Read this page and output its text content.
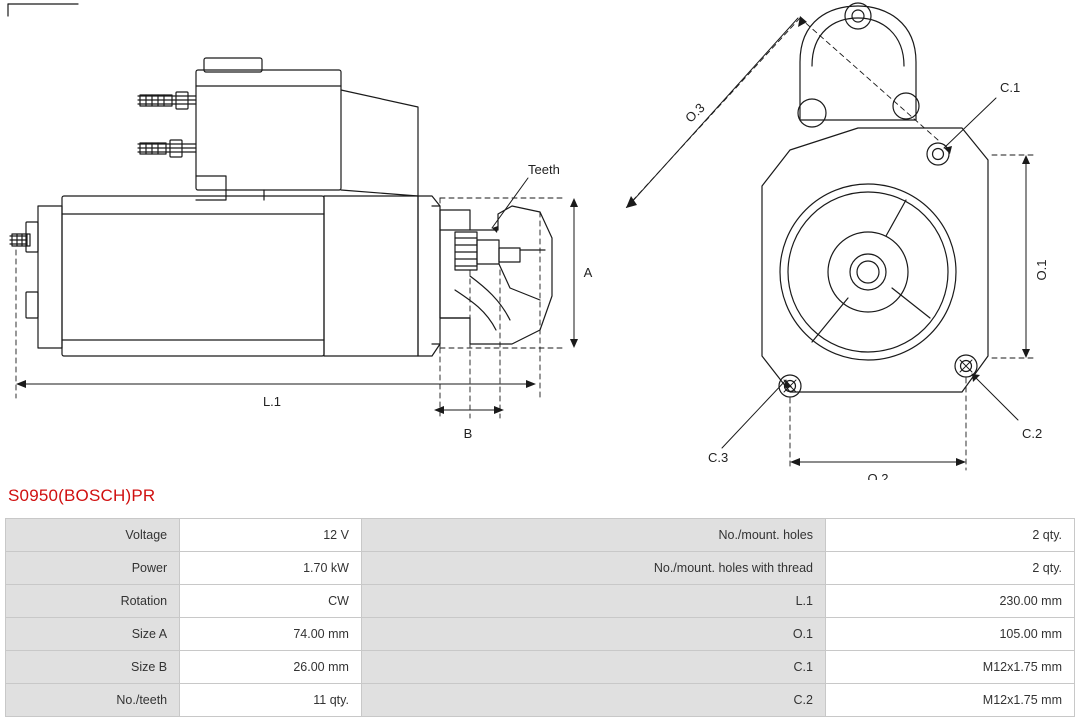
Teeth
A
B
L.1
O.1
O.2
O.3
C.1
C.2
C.3
S0950(BOSCH)PR
Voltage	12 V	No./mount. holes	2 qty.
Power	1.70 kW	No./mount. holes with thread	2 qty.
Rotation	CW	L.1	230.00 mm
Size A	74.00 mm	O.1	105.00 mm
Size B	26.00 mm	C.1	M12x1.75 mm
No./teeth	11 qty.	C.2	M12x1.75 mm
